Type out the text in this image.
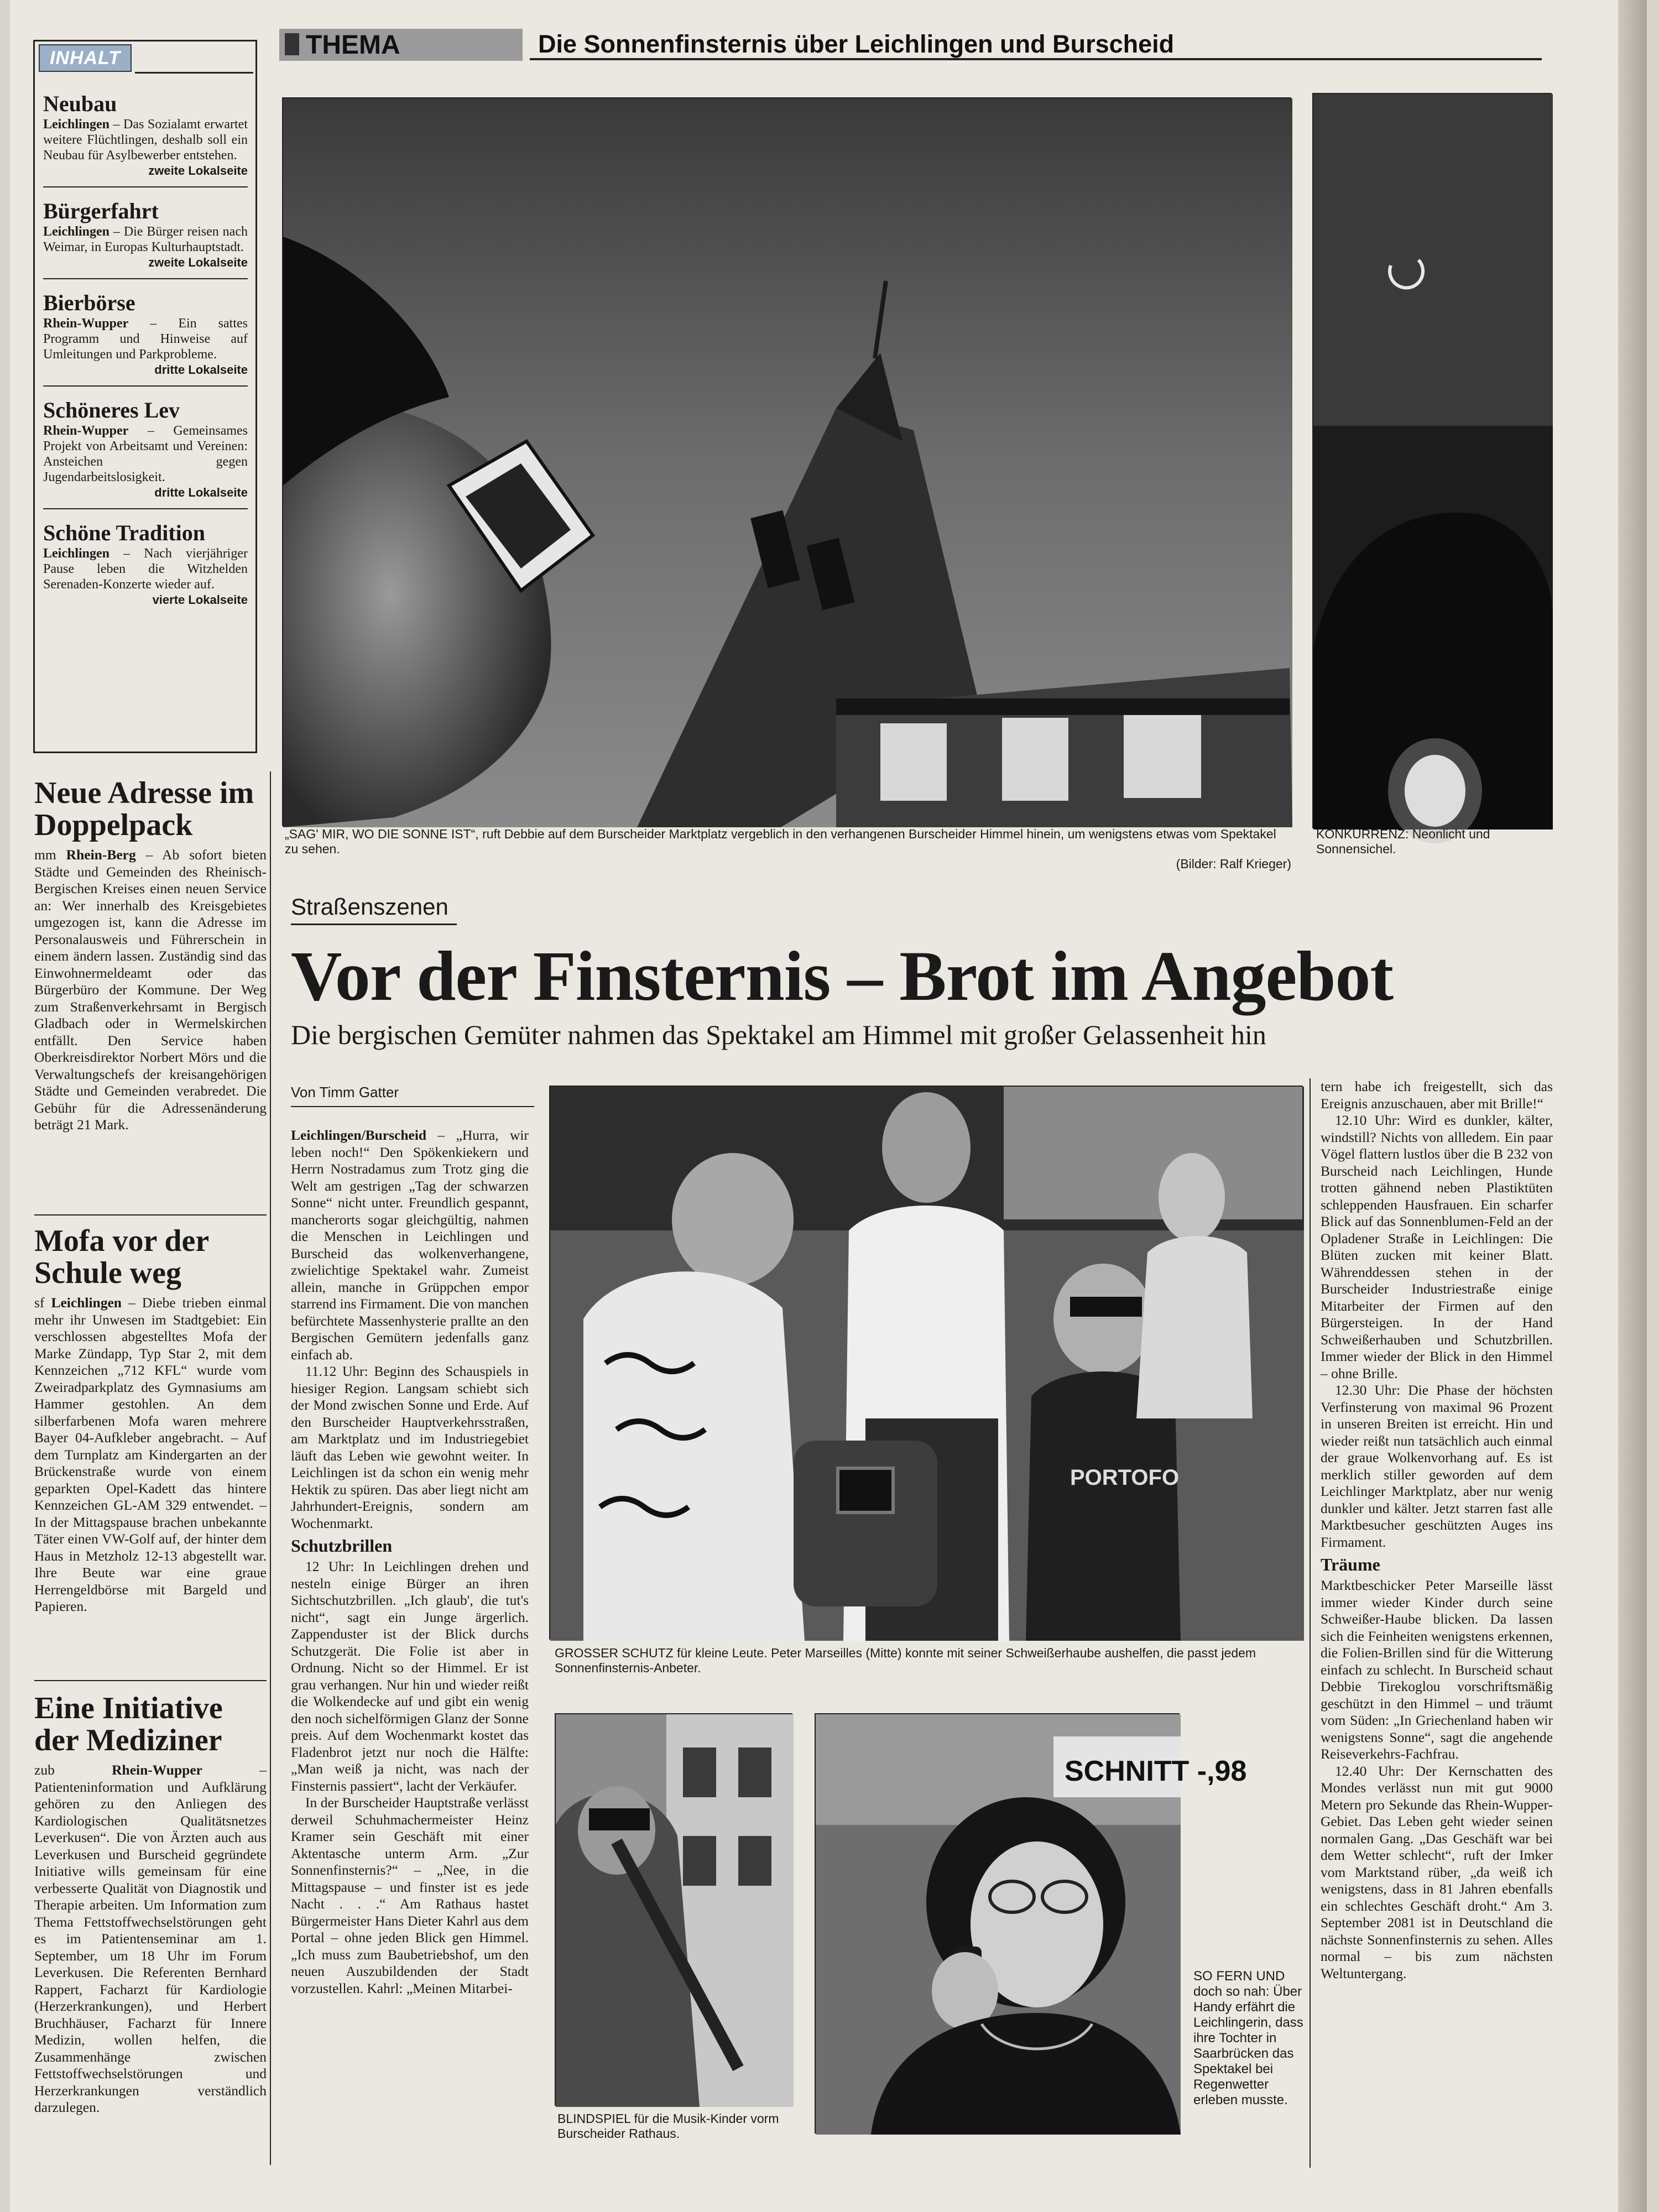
THEMA	Die Sonnenfinsternis über Leichlingen und Burscheid
INHALT
Neubau

Leichlingen – Das Sozialamt erwartet weitere Flüchtlingen, deshalb soll ein Neubau für Asylbewerber entstehen.

zweite Lokalseite
Bürgerfahrt

Leichlingen – Die Bürger reisen nach Weimar, in Europas Kulturhauptstadt.

zweite Lokalseite
Bierbörse

Rhein-Wupper – Ein sattes Programm und Hinweise auf Umleitungen und Parkprobleme.

dritte Lokalseite
Schöneres Lev

Rhein-Wupper – Gemeinsames Projekt von Arbeitsamt und Vereinen: Ansteichen gegen Jugendarbeitslosigkeit.

dritte Lokalseite
Schöne Tradition

Leichlingen – Nach vierjähriger Pause leben die Witzhelden Serenaden-Konzerte wieder auf.

vierte Lokalseite
Neue Adresse im Doppelpack

mm Rhein-Berg – Ab sofort bieten Städte und Gemeinden des Rheinisch-Bergischen Kreises einen neuen Service an: Wer innerhalb des Kreisgebietes umgezogen ist, kann die Adresse im Personalausweis und Führerschein in einem ändern lassen. Zuständig sind das Einwohnermeldeamt oder das Bürgerbüro der Kommune. Der Weg zum Straßenverkehrsamt in Bergisch Gladbach oder in Wermelskirchen entfällt. Den Service haben Oberkreisdirektor Norbert Mörs und die Verwaltungschefs der kreisangehörigen Städte und Gemeinden verabredet. Die Gebühr für die Adressenänderung beträgt 21 Mark.

Mofa vor der Schule weg

sf Leichlingen – Diebe trieben einmal mehr ihr Unwesen im Stadtgebiet: Ein verschlossen abgestelltes Mofa der Marke Zündapp, Typ Star 2, mit dem Kennzeichen „712 KFL“ wurde vom Zweiradparkplatz des Gymnasiums am Hammer gestohlen. An dem silberfarbenen Mofa waren mehrere Bayer 04-Aufkleber angebracht. – Auf dem Turnplatz am Kindergarten an der Brückenstraße wurde von einem geparkten Opel-Kadett das hintere Kennzeichen GL-AM 329 entwendet. – In der Mittagspause brachen unbekannte Täter einen VW-Golf auf, der hinter dem Haus in Metzholz 12-13 abgestellt war. Ihre Beute war eine graue Herrengeldbörse mit Bargeld und Papieren.

Eine Initiative der Mediziner

zub	Rhein-Wupper – Patienteninformation und Aufklärung gehören zu den Anliegen des Kardiologischen Qualitätsnetzes Leverkusen“. Die von Ärzten auch aus Leverkusen und Burscheid gegründete Initiative wills gemeinsam für eine verbesserte Qualität von Diagnostik und Therapie arbeiten. Um Information zum Thema Fettstoffwechselstörungen geht es im Patientenseminar am 1. September, um 18 Uhr im Forum Leverkusen. Die Referenten Bernhard Rappert, Facharzt für Kardiologie (Herzerkrankungen), und Herbert Bruchhäuser, Facharzt für Innere Medizin, wollen helfen, die Zusammenhänge zwischen Fettstoffwechselstörungen und Herzerkrankungen verständlich darzulegen.

„SAG' MIR, WO DIE SONNE IST“, ruft Debbie auf dem Burscheider Marktplatz vergeblich in den verhangenen Burscheider Himmel hinein, um wenigstens etwas vom Spektakel zu sehen.
(Bilder: Ralf Krieger)
KONKURRENZ: Neonlicht und Sonnensichel.
Straßenszenen
Vor der Finsternis – Brot im Angebot
Die bergischen Gemüter nahmen das Spektakel am Himmel mit großer Gelassenheit hin
Von Timm Gatter

Leichlingen/Burscheid – „Hurra, wir leben noch!“ Den Spökenkiekern und Herrn Nostradamus zum Trotz ging die Welt am gestrigen „Tag der schwarzen Sonne“ nicht unter. Freundlich gespannt, mancherorts sogar gleichgültig, nahmen die Menschen in Leichlingen und Burscheid das wolkenverhangene, zwielichtige Spektakel wahr. Zumeist allein, manche in Grüppchen empor starrend ins Firmament. Die von manchen befürchtete Massenhysterie prallte an den Bergischen Gemütern jedenfalls ganz einfach ab.

11.12 Uhr: Beginn des Schauspiels in hiesiger Region. Langsam schiebt sich der Mond zwischen Sonne und Erde. Auf den Burscheider Hauptverkehrsstraßen, am Marktplatz und im Industriegebiet läuft das Leben wie gewohnt weiter. In Leichlingen ist da schon ein wenig mehr Hektik zu spüren. Das aber liegt nicht am Jahrhundert-Ereignis, sondern am Wochenmarkt.

Schutzbrillen

12 Uhr: In Leichlingen drehen und nesteln einige Bürger an ihren Sichtschutzbrillen. „Ich glaub', die tut's nicht“, sagt ein Junge ärgerlich. Zappenduster ist der Blick durchs Schutzgerät. Die Folie ist aber in Ordnung. Nicht so der Himmel. Er ist grau verhangen. Nur hin und wieder reißt die Wolkendecke auf und gibt ein wenig den noch sichelförmigen Glanz der Sonne preis. Auf dem Wochenmarkt kostet das Fladenbrot jetzt nur noch die Hälfte: „Man weiß ja nicht, was nach der Finsternis passiert“, lacht der Verkäufer.

In der Burscheider Hauptstraße verlässt derweil Schuhmachermeister Heinz Kramer sein Geschäft mit einer Aktentasche unterm Arm. „Zur Sonnenfinsternis?“ – „Nee, in die Mittagspause – und finster ist es jede Nacht . . .“ Am Rathaus hastet Bürgermeister Hans Dieter Kahrl aus dem Portal – ohne jeden Blick gen Himmel. „Ich muss zum Baubetriebshof, um den neuen Auszubildenden der Stadt vorzustellen. Kahrl: „Meinen Mitarbei-

PORTOFO
GROSSER SCHUTZ für kleine Leute. Peter Marseilles (Mitte) konnte mit seiner Schweißerhaube aushelfen, die passt jedem Sonnenfinsternis-Anbeter.

tern habe ich freigestellt, sich das Ereignis anzuschauen, aber mit Brille!“

12.10 Uhr: Wird es dunkler, kälter, windstill? Nichts von allledem. Ein paar Vögel flattern lustlos über die B 232 von Burscheid nach Leichlingen, Hunde trotten gähnend neben Plastiktüten schleppenden Hausfrauen. Ein scharfer Blick auf das Sonnenblumen-Feld an der Opladener Straße in Leichlingen: Die Blüten zucken mit keiner Blatt. Währenddessen stehen in der Burscheider Industriestraße einige Mitarbeiter der Firmen auf den Bürgersteigen. In der Hand Schweißerhauben und Schutzbrillen. Immer wieder der Blick in den Himmel – ohne Brille.

12.30 Uhr: Die Phase der höchsten Verfinsterung von maximal 96 Prozent in unseren Breiten ist erreicht. Hin und wieder reißt nun tatsächlich auch einmal der graue Wolkenvorhang auf. Es ist merklich stiller geworden auf dem Leichlinger Marktplatz, aber nur wenig dunkler und kälter. Jetzt starren fast alle Marktbesucher geschützten Auges ins Firmament.

Träume

Marktbeschicker Peter Marseille lässt immer wieder Kinder durch seine Schweißer-Haube blicken. Da lassen sich die Feinheiten wenigstens erkennen, die Folien-Brillen sind für die Witterung einfach zu schlecht. In Burscheid schaut Debbie Tirekoglou vorschriftsmäßig geschützt in den Himmel – und träumt vom Süden: „In Griechenland haben wir wenigstens Sonne“, sagt die angehende Reiseverkehrs-Fachfrau.

12.40 Uhr: Der Kernschatten des Mondes verlässt nun mit gut 9000 Metern pro Sekunde das Rhein-Wupper-Gebiet. Das Leben geht wieder seinen normalen Gang. „Das Geschäft war bei dem Wetter schlecht“, ruft der Imker vom Marktstand rüber, „da weiß ich wenigstens, dass in 81 Jahren ebenfalls ein schlechtes Geschäft droht.“ Am 3. September 2081 ist in Deutschland die nächste Sonnenfinsternis zu sehen. Alles normal – bis zum nächsten Weltuntergang.

BLINDSPIEL für die Musik-Kinder vorm Burscheider Rathaus.
SCHNITT -,98
SO FERN UND doch so nah: Über Handy erfährt die Leichlingerin, dass ihre Tochter in Saarbrücken das Spektakel bei Regenwetter erleben musste.
